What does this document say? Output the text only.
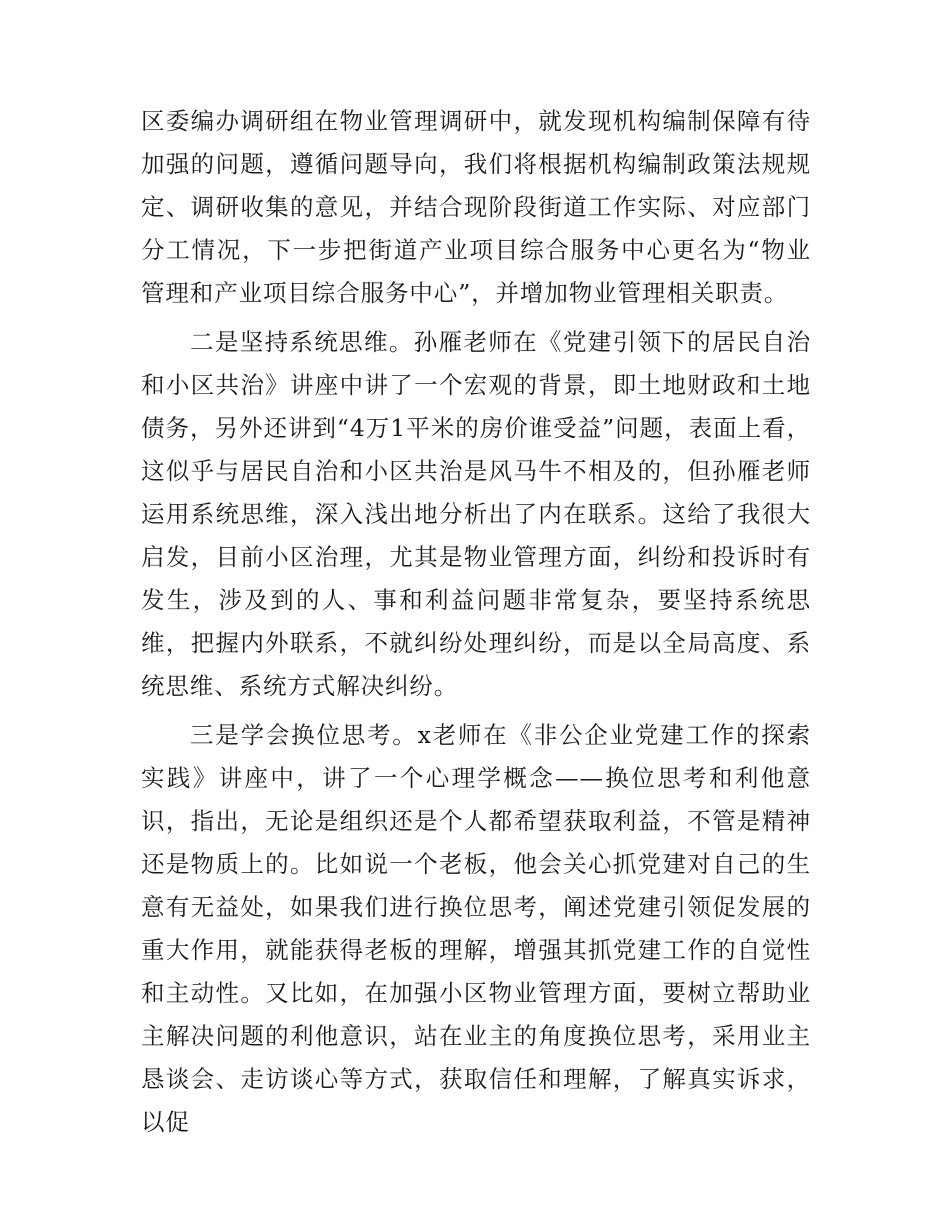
区委编办调研组在物业管理调研中，就发现机构编制保障有待加强的问题，遵循问题导向，我们将根据机构编制政策法规规定、调研收集的意见，并结合现阶段街道工作实际、对应部门分工情况，下一步把街道产业项目综合服务中心更名为“物业管理和产业项目综合服务中心”，并增加物业管理相关职责。

二是坚持系统思维。孙雁老师在《党建引领下的居民自治和小区共治》讲座中讲了一个宏观的背景，即土地财政和土地债务，另外还讲到“4万1平米的房价谁受益”问题，表面上看，这似乎与居民自治和小区共治是风马牛不相及的，但孙雁老师运用系统思维，深入浅出地分析出了内在联系。这给了我很大启发，目前小区治理，尤其是物业管理方面，纠纷和投诉时有发生，涉及到的人、事和利益问题非常复杂，要坚持系统思维，把握内外联系，不就纠纷处理纠纷，而是以全局高度、系统思维、系统方式解决纠纷。

三是学会换位思考。x老师在《非公企业党建工作的探索实践》讲座中，讲了一个心理学概念——换位思考和利他意识，指出，无论是组织还是个人都希望获取利益，不管是精神还是物质上的。比如说一个老板，他会关心抓党建对自己的生意有无益处，如果我们进行换位思考，阐述党建引领促发展的重大作用，就能获得老板的理解，增强其抓党建工作的自觉性和主动性。又比如，在加强小区物业管理方面，要树立帮助业主解决问题的利他意识，站在业主的角度换位思考，采用业主恳谈会、走访谈心等方式，获取信任和理解，了解真实诉求，以促
